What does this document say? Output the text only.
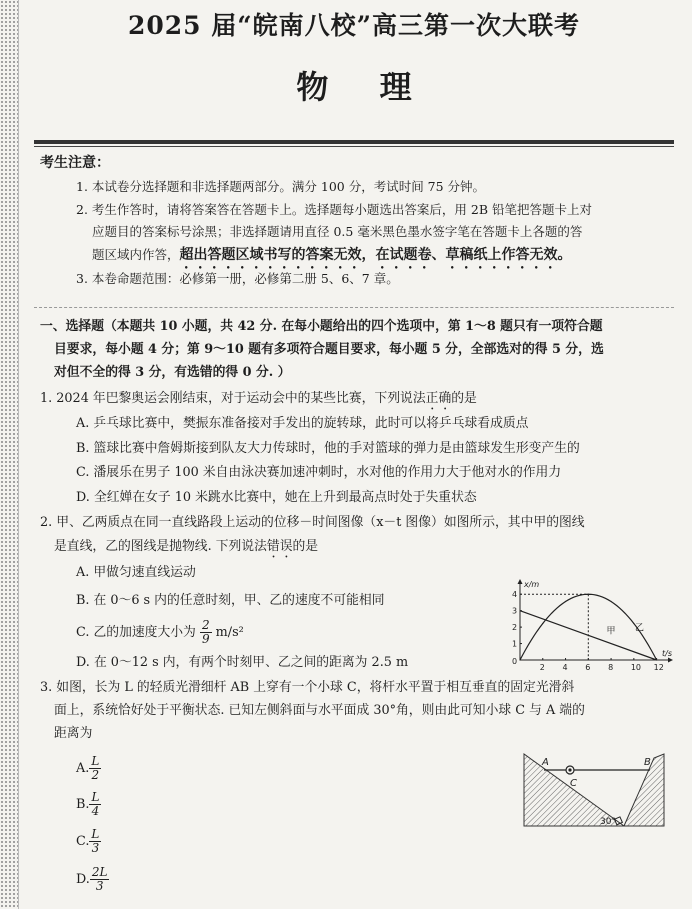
2025 届“皖南八校”高三第一次大联考
物 理
考生注意：
1. 本试卷分选择题和非选择题两部分。满分 100 分，考试时间 75 分钟。
2. 考生作答时，请将答案答在答题卡上。选择题每小题选出答案后，用 2B 铅笔把答题卡上对
应题目的答案标号涂黑；非选择题请用直径 0.5 毫米黑色墨水签字笔在答题卡上各题的答
题区域内作答，超出答题区域书写的答案无效，在试题卷、草稿纸上作答无效。
3. 本卷命题范围：必修第一册，必修第二册 5、6、7 章。
一、选择题（本题共 10 小题，共 42 分. 在每小题给出的四个选项中，第 1～8 题只有一项符合题
目要求，每小题 4 分；第 9～10 题有多项符合题目要求，每小题 5 分，全部选对的得 5 分，选
对但不全的得 3 分，有选错的得 0 分. ）
1. 2024 年巴黎奥运会刚结束，对于运动会中的某些比赛，下列说法正确的是
A. 乒乓球比赛中，樊振东准备接对手发出的旋转球，此时可以将乒乓球看成质点
B. 篮球比赛中詹姆斯接到队友大力传球时，他的手对篮球的弹力是由篮球发生形变产生的
C. 潘展乐在男子 100 米自由泳决赛加速冲刺时，水对他的作用力大于他对水的作用力
D. 全红婵在女子 10 米跳水比赛中，她在上升到最高点时处于失重状态
2. 甲、乙两质点在同一直线路段上运动的位移－时间图像（x－t 图像）如图所示，其中甲的图线
是直线，乙的图线是抛物线. 下列说法错误的是
A. 甲做匀速直线运动
B. 在 0～6 s 内的任意时刻，甲、乙的速度不可能相同
C. 乙的加速度大小为 $\frac{2}{9} m/s^2$
D. 在 0～12 s 内，有两个时刻甲、乙之间的距离为 2.5 m
x/m
t/s
0
2 4 6 8 10 12
1
2
3
4
甲 乙
3. 如图，长为 L 的轻质光滑细杆 AB 上穿有一个小球 C，将杆水平置于相互垂直的固定光滑斜
面上，系统恰好处于平衡状态. 已知左侧斜面与水平面成 30°角，则由此可知小球 C 与 A 端的
距离为
A. $\frac{L}{2}$
B. $\frac{L}{4}$
C. $\frac{L}{3}$
D. $\frac{2L}{3}$
A	B
C
30°
